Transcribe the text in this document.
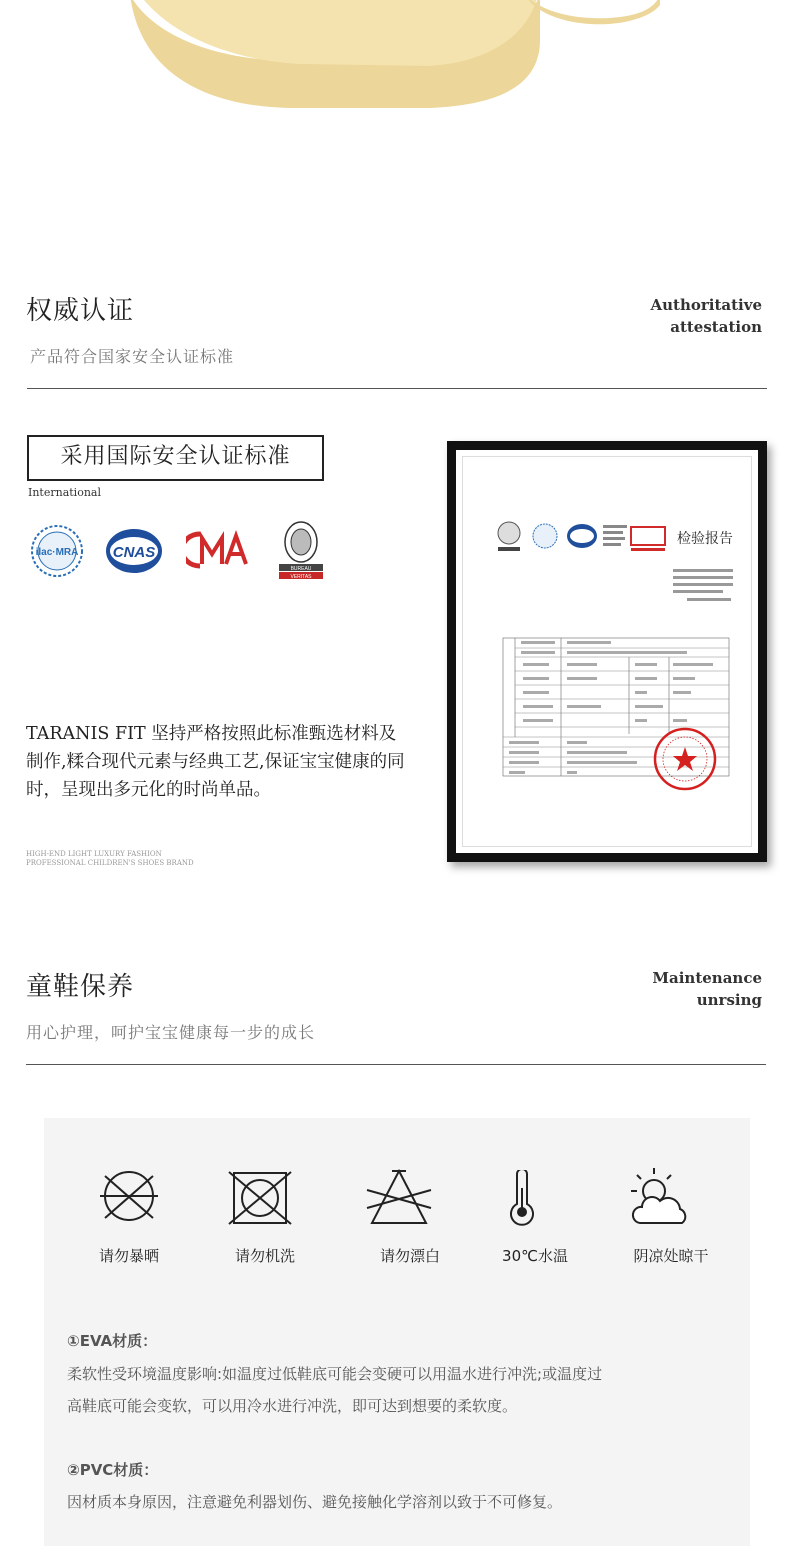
权威认证
产品符合国家安全认证标准
Authoritative
attestation
采用国际安全认证标准
International
ilac·MRA CNAS
BUREAU
VERITAS
TARANIS FIT 坚持严格按照此标准甄选材料及制作,糅合现代元素与经典工艺,保证宝宝健康的同时，呈现出多元化的时尚单品。
HIGH-END LIGHT LUXURY FASHION
PROFESSIONAL CHILDREN'S SHOES BRAND
检验报告
童鞋保养
用心护理，呵护宝宝健康每一步的成长
Maintenance
unrsing
请勿暴晒	请勿机洗	请勿漂白	30℃水温	阴凉处晾干
①EVA材质：
柔软性受环境温度影响:如温度过低鞋底可能会变硬可以用温水进行冲洗;或温度过
高鞋底可能会变软，可以用冷水进行冲洗，即可达到想要的柔软度。
②PVC材质：
因材质本身原因，注意避免利器划伤、避免接触化学溶剂以致于不可修复。
